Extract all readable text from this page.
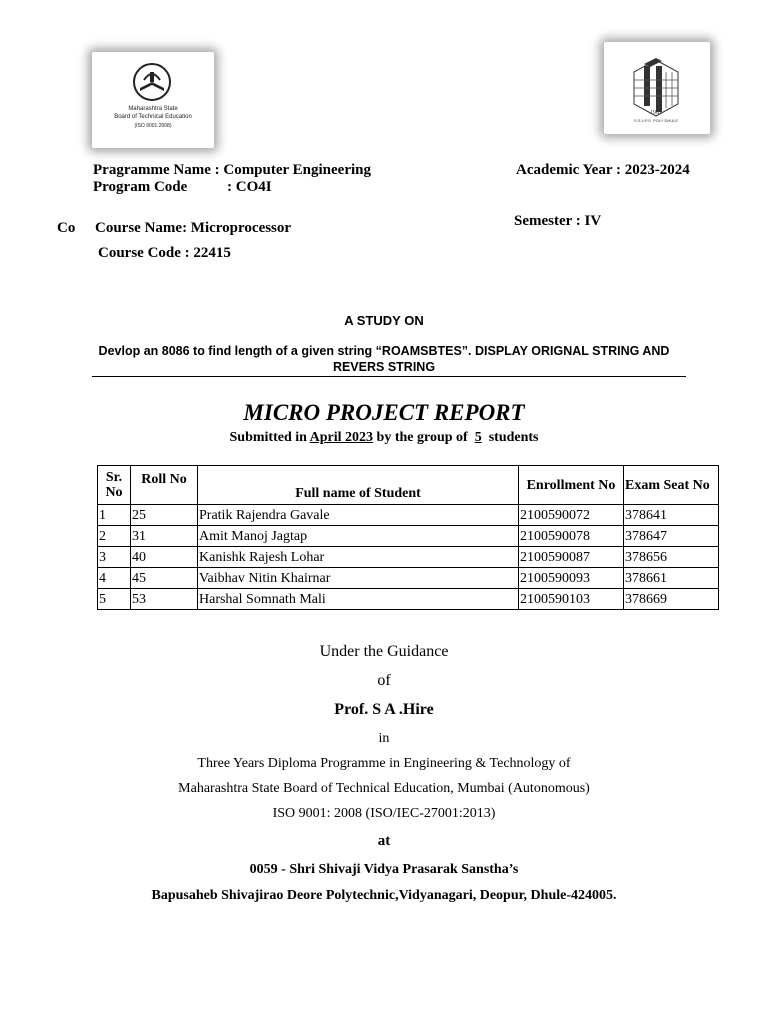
Maharashtra State
Board of Technical Education
(ISO 9001:2008)
1981
S.S.V.P.S. POLY DHULE
Pragramme Name : Computer Engineering
Program Code	: CO4I
Academic Year : 2023-2024
Co Course Name: Microprocessor	Semester : IV
Course Code : 22415
A STUDY ON
Devlop an 8086 to find length of a given string “ROAMSBTES”. DISPLAY ORIGNAL STRING AND
REVERS STRING
MICRO PROJECT REPORT
Submitted in April 2023 by the group of 5 students
Sr. No	Roll No	Full name of Student	Enrollment No	Exam Seat No
1	25	Pratik Rajendra Gavale	2100590072	378641
2	31	Amit Manoj Jagtap	2100590078	378647
3	40	Kanishk Rajesh Lohar	2100590087	378656
4	45	Vaibhav Nitin Khairnar	2100590093	378661
5	53	Harshal Somnath Mali	2100590103	378669
Under the Guidance
of
Prof. S A .Hire
in
Three Years Diploma Programme in Engineering & Technology of
Maharashtra State Board of Technical Education, Mumbai (Autonomous)
ISO 9001: 2008 (ISO/IEC-27001:2013)
at
0059 - Shri Shivaji Vidya Prasarak Sanstha’s
Bapusaheb Shivajirao Deore Polytechnic,Vidyanagari, Deopur, Dhule-424005.
